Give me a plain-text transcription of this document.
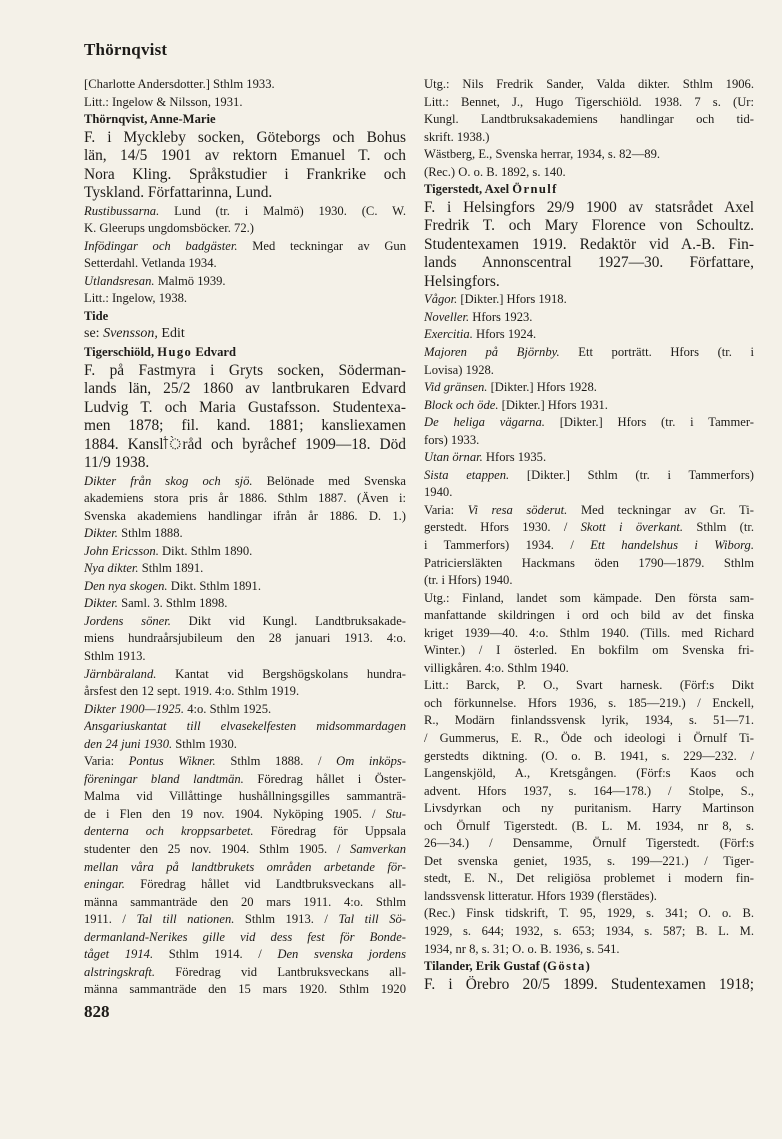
Thörnqvist
[Charlotte Andersdotter.] Sthlm 1933.
Litt.: Ingelow & Nilsson, 1931.
Thörnqvist, Anne-Marie
F. i Myckleby socken, Göteborgs och Bohus
län, 14/5 1901 av rektorn Emanuel T. och
Nora Kling. Språkstudier i Frankrike och
Tyskland. Författarinna, Lund.
Rustibussarna. Lund (tr. i Malmö) 1930. (C. W.
K. Gleerups ungdomsböcker. 72.)
Infödingar och badgäster. Med teckningar av Gun
Setterdahl. Vetlanda 1934.
Utlandsresan. Malmö 1939.
Litt.: Ingelow, 1938.
Tide
se: Svensson, Edit
Tigerschiöld, Hugo Edvard
F. på Fastmyra i Gryts socken, Söderman-
lands län, 25/2 1860 av lantbrukaren Edvard
Ludvig T. och Maria Gustafsson. Studentexa-
men 1878; fil. kand. 1881; kansliexamen
1884. Kanslিråd och byråchef 1909—18. Död
11/9 1938.
Dikter från skog och sjö. Belönade med Svenska
akademiens stora pris år 1886. Sthlm 1887. (Även i:
Svenska akademiens handlingar ifrån år 1886. D. 1.)
Dikter. Sthlm 1888.
John Ericsson. Dikt. Sthlm 1890.
Nya dikter. Sthlm 1891.
Den nya skogen. Dikt. Sthlm 1891.
Dikter. Saml. 3. Sthlm 1898.
Jordens söner. Dikt vid Kungl. Landtbruksakade-
miens hundraårsjubileum den 28 januari 1913. 4:o.
Sthlm 1913.
Järnbäraland. Kantat vid Bergshögskolans hundra-
årsfest den 12 sept. 1919. 4:o. Sthlm 1919.
Dikter 1900—1925. 4:o. Sthlm 1925.
Ansgariuskantat till elvasekelfesten midsommardagen
den 24 juni 1930. Sthlm 1930.
Varia: Pontus Wikner. Sthlm 1888. / Om inköps-
föreningar bland landtmän. Föredrag hållet i Öster-
Malma vid Villåttinge hushållningsgilles sammanträ-
de i Flen den 19 nov. 1904. Nyköping 1905. / Stu-
denterna och kroppsarbetet. Föredrag för Uppsala
studenter den 25 nov. 1904. Sthlm 1905. / Samverkan
mellan våra på landtbrukets områden arbetande för-
eningar. Föredrag hållet vid Landtbruksveckans all-
männa sammanträde den 20 mars 1911. 4:o. Sthlm
1911. / Tal till nationen. Sthlm 1913. / Tal till Sö-
dermanland-Nerikes gille vid dess fest för Bonde-
tåget 1914. Sthlm 1914. / Den svenska jordens
alstringskraft. Föredrag vid Lantbruksveckans all-
männa sammanträde den 15 mars 1920. Sthlm 1920
Utg.: Nils Fredrik Sander, Valda dikter. Sthlm 1906.
Litt.: Bennet, J., Hugo Tigerschiöld. 1938. 7 s. (Ur:
Kungl. Landtbruksakademiens handlingar och tid-
skrift. 1938.)
Wästberg, E., Svenska herrar, 1934, s. 82—89.
(Rec.) O. o. B. 1892, s. 140.
Tigerstedt, Axel Örnulf
F. i Helsingfors 29/9 1900 av statsrådet Axel
Fredrik T. och Mary Florence von Schoultz.
Studentexamen 1919. Redaktör vid A.-B. Fin-
lands Annonscentral 1927—30. Författare,
Helsingfors.
Vågor. [Dikter.] Hfors 1918.
Noveller. Hfors 1923.
Exercitia. Hfors 1924.
Majoren på Björnby. Ett porträtt. Hfors (tr. i
Lovisa) 1928.
Vid gränsen. [Dikter.] Hfors 1928.
Block och öde. [Dikter.] Hfors 1931.
De heliga vägarna. [Dikter.] Hfors (tr. i Tammer-
fors) 1933.
Utan örnar. Hfors 1935.
Sista etappen. [Dikter.] Sthlm (tr. i Tammerfors)
1940.
Varia: Vi resa söderut. Med teckningar av Gr. Ti-
gerstedt. Hfors 1930. / Skott i överkant. Sthlm (tr.
i Tammerfors) 1934. / Ett handelshus i Wiborg.
Patriciersläkten Hackmans öden 1790—1879. Sthlm
(tr. i Hfors) 1940.
Utg.: Finland, landet som kämpade. Den första sam-
manfattande skildringen i ord och bild av det finska
kriget 1939—40. 4:o. Sthlm 1940. (Tills. med Richard
Winter.) / I österled. En bokfilm om Svenska fri-
villigkåren. 4:o. Sthlm 1940.
Litt.: Barck, P. O., Svart harnesk. (Förf:s Dikt
och förkunnelse. Hfors 1936, s. 185—219.) / Enckell,
R., Modärn finlandssvensk lyrik, 1934, s. 51—71.
/ Gummerus, E. R., Öde och ideologi i Örnulf Ti-
gerstedts diktning. (O. o. B. 1941, s. 229—232. /
Langenskjöld, A., Kretsgången. (Förf:s Kaos och
advent. Hfors 1937, s. 164—178.) / Stolpe, S.,
Livsdyrkan och ny puritanism. Harry Martinson
och Örnulf Tigerstedt. (B. L. M. 1934, nr 8, s.
26—34.) / Densamme, Örnulf Tigerstedt. (Förf:s
Det svenska geniet, 1935, s. 199—221.) / Tiger-
stedt, E. N., Det religiösa problemet i modern fin-
landssvensk litteratur. Hfors 1939 (flerstädes).
(Rec.) Finsk tidskrift, T. 95, 1929, s. 341; O. o. B.
1929, s. 644; 1932, s. 653; 1934, s. 587; B. L. M.
1934, nr 8, s. 31; O. o. B. 1936, s. 541.
Tilander, Erik Gustaf (Gösta)
F. i Örebro 20/5 1899. Studentexamen 1918;
828
